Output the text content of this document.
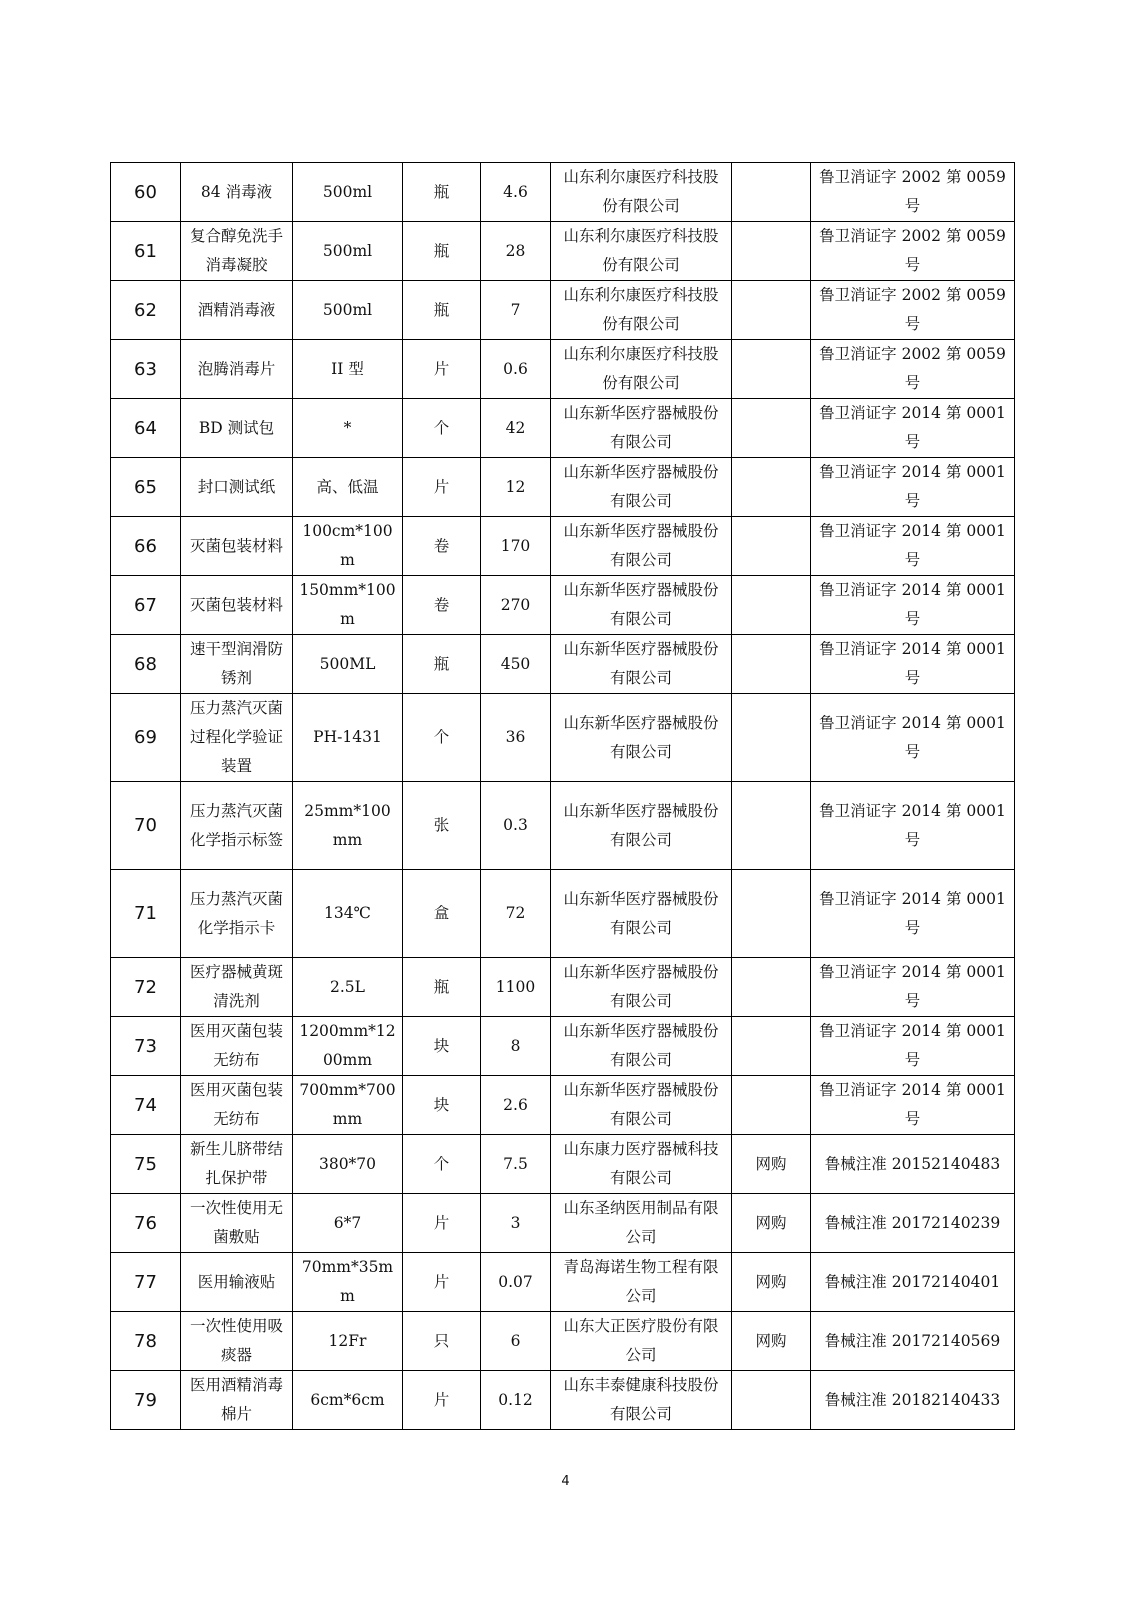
60	84 消毒液	500ml	瓶	4.6	山东利尔康医疗科技股份有限公司		鲁卫消证字 2002 第 0059 号
61	复合醇免洗手消毒凝胶	500ml	瓶	28	山东利尔康医疗科技股份有限公司		鲁卫消证字 2002 第 0059 号
62	酒精消毒液	500ml	瓶	7	山东利尔康医疗科技股份有限公司		鲁卫消证字 2002 第 0059 号
63	泡腾消毒片	II 型	片	0.6	山东利尔康医疗科技股份有限公司		鲁卫消证字 2002 第 0059 号
64	BD 测试包	*	个	42	山东新华医疗器械股份有限公司		鲁卫消证字 2014 第 0001 号
65	封口测试纸	高、低温	片	12	山东新华医疗器械股份有限公司		鲁卫消证字 2014 第 0001 号
66	灭菌包装材料	100cm*100m	卷	170	山东新华医疗器械股份有限公司		鲁卫消证字 2014 第 0001 号
67	灭菌包装材料	150mm*100m	卷	270	山东新华医疗器械股份有限公司		鲁卫消证字 2014 第 0001 号
68	速干型润滑防锈剂	500ML	瓶	450	山东新华医疗器械股份有限公司		鲁卫消证字 2014 第 0001 号
69	压力蒸汽灭菌过程化学验证装置	PH-1431	个	36	山东新华医疗器械股份有限公司		鲁卫消证字 2014 第 0001 号
70	压力蒸汽灭菌化学指示标签	25mm*100mm	张	0.3	山东新华医疗器械股份有限公司		鲁卫消证字 2014 第 0001 号
71	压力蒸汽灭菌化学指示卡	134℃	盒	72	山东新华医疗器械股份有限公司		鲁卫消证字 2014 第 0001 号
72	医疗器械黄斑清洗剂	2.5L	瓶	1100	山东新华医疗器械股份有限公司		鲁卫消证字 2014 第 0001 号
73	医用灭菌包装无纺布	1200mm*1200mm	块	8	山东新华医疗器械股份有限公司		鲁卫消证字 2014 第 0001 号
74	医用灭菌包装无纺布	700mm*700mm	块	2.6	山东新华医疗器械股份有限公司		鲁卫消证字 2014 第 0001 号
75	新生儿脐带结扎保护带	380*70	个	7.5	山东康力医疗器械科技有限公司	网购	鲁械注准 20152140483
76	一次性使用无菌敷贴	6*7	片	3	山东圣纳医用制品有限公司	网购	鲁械注准 20172140239
77	医用输液贴	70mm*35mm	片	0.07	青岛海诺生物工程有限公司	网购	鲁械注准 20172140401
78	一次性使用吸痰器	12Fr	只	6	山东大正医疗股份有限公司	网购	鲁械注准 20172140569
79	医用酒精消毒棉片	6cm*6cm	片	0.12	山东丰泰健康科技股份有限公司		鲁械注准 20182140433
4
